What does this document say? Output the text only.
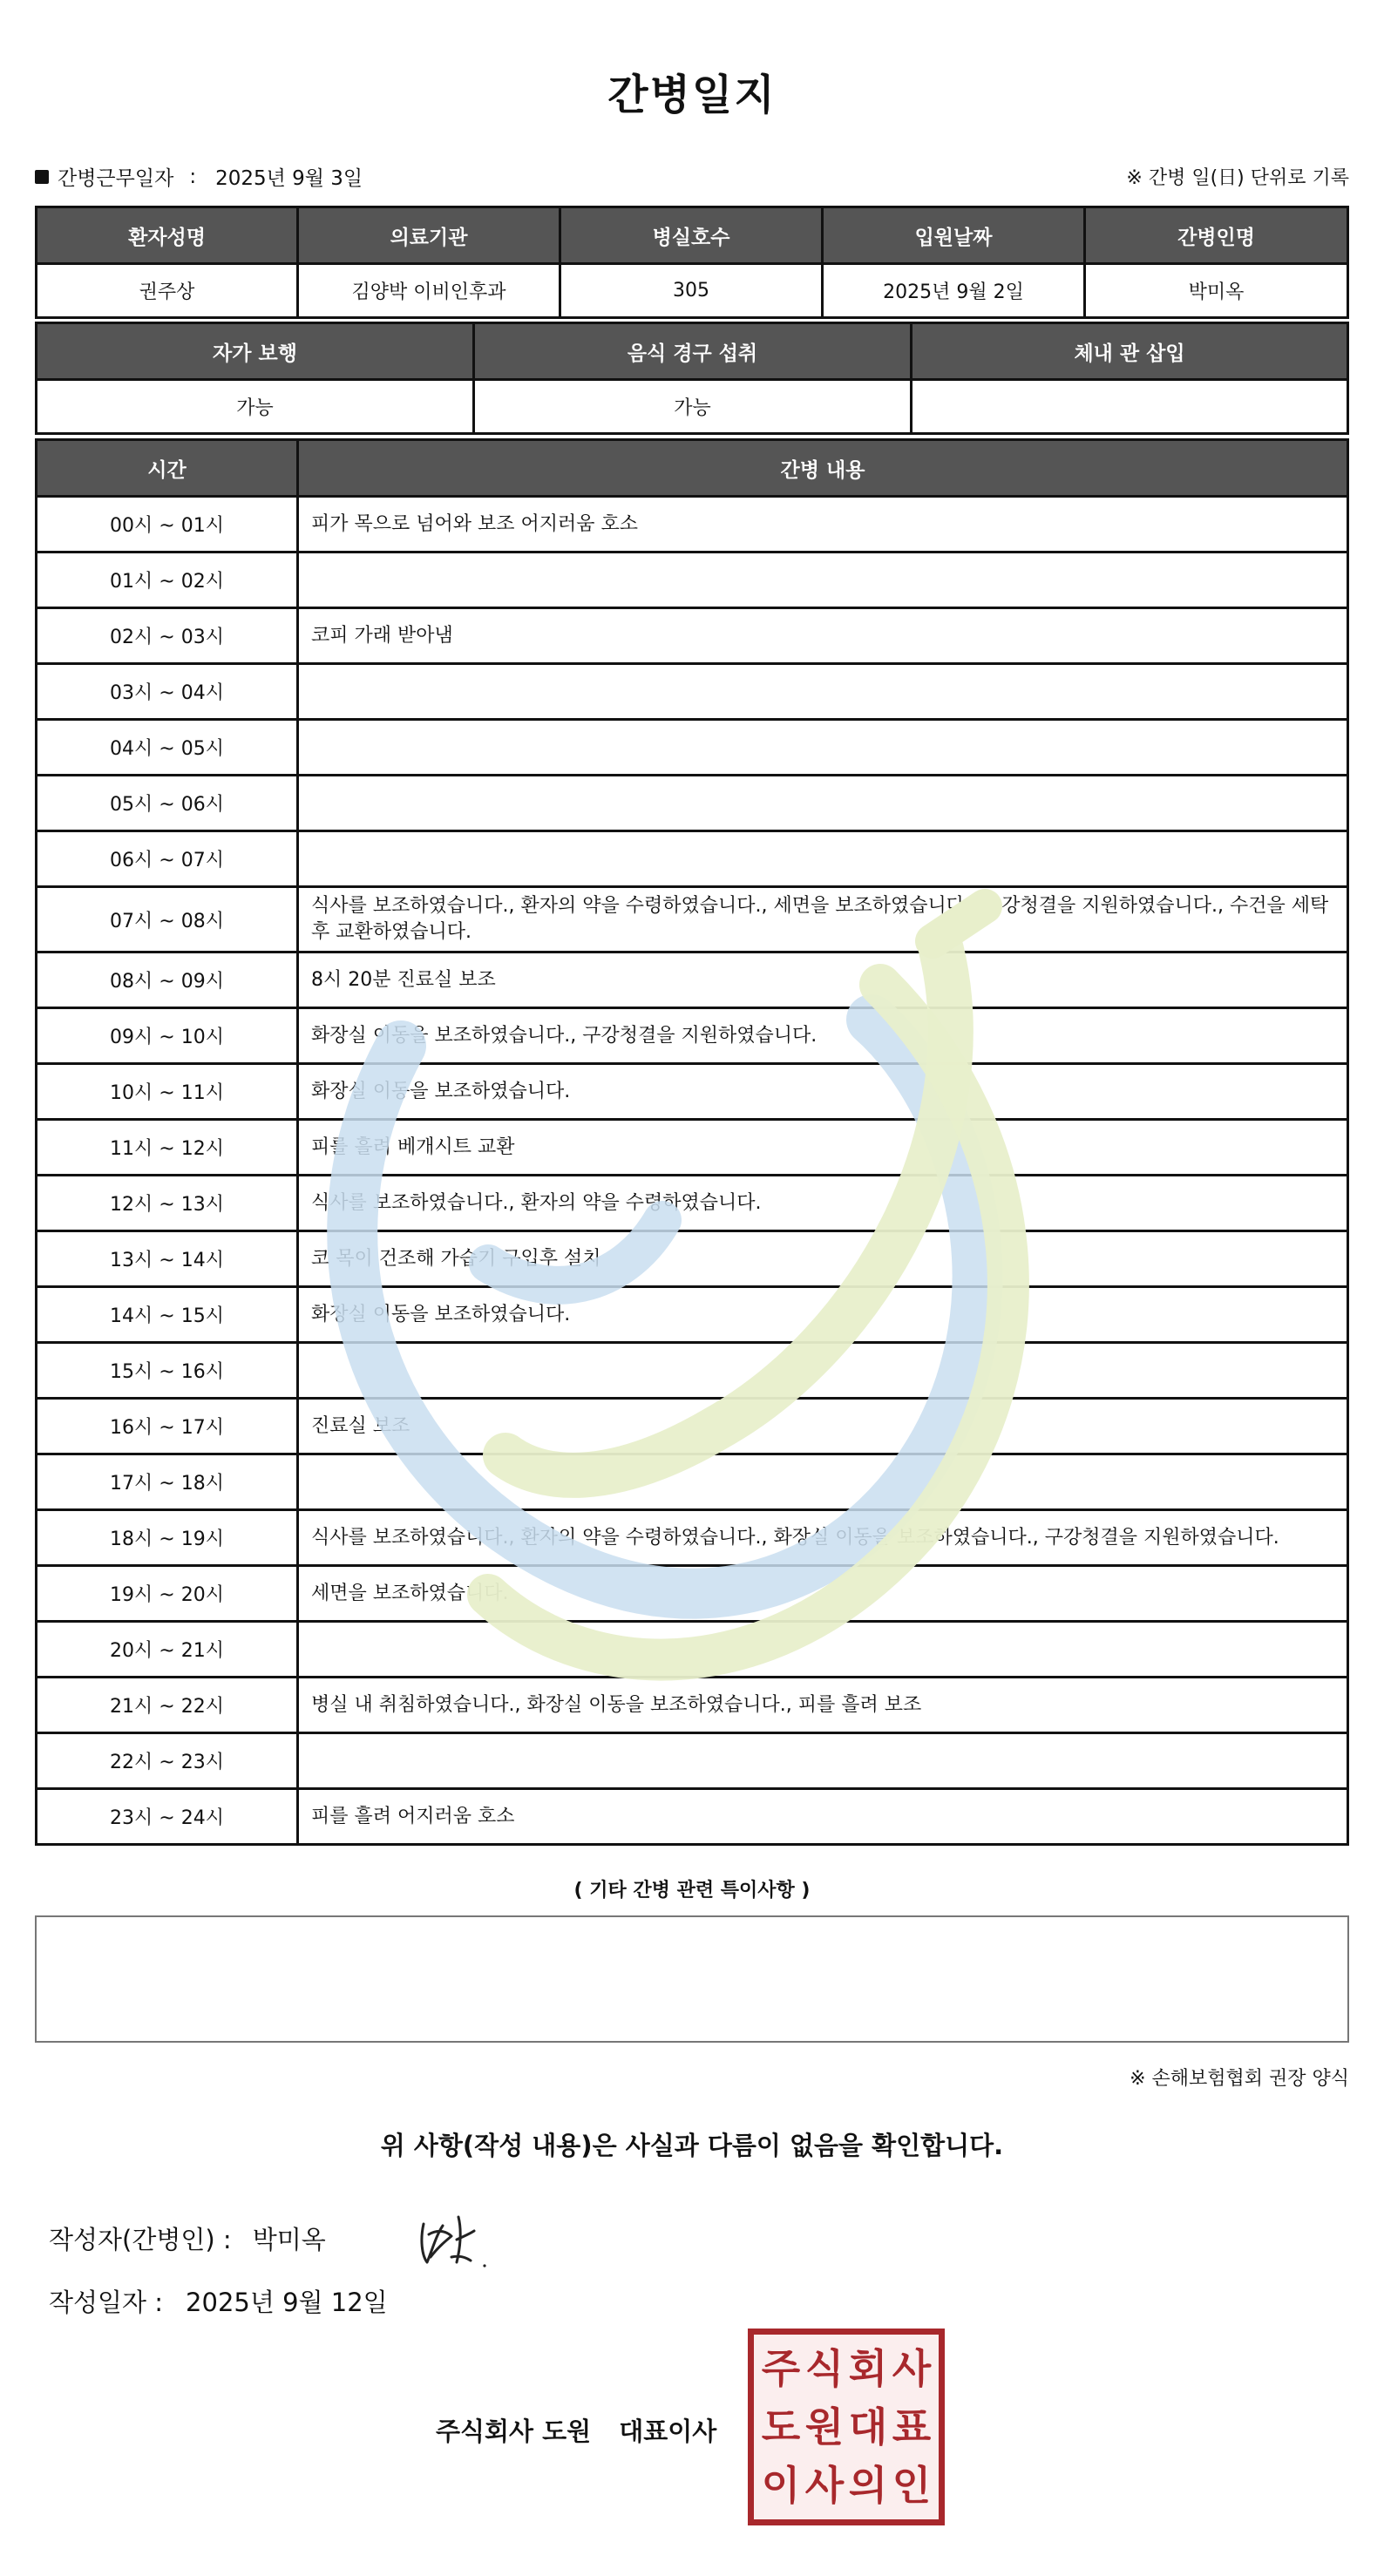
간병일지
간병근무일자 : 2025년 9월 3일	※ 간병 일(日) 단위로 기록
환자성명	의료기관	병실호수	입원날짜	간병인명
권주상	김양박 이비인후과	305	2025년 9월 2일	박미옥
자가 보행	음식 경구 섭취	체내 관 삽입
가능	가능	
시간	간병 내용
00시 ~ 01시	피가 목으로 넘어와 보조 어지러움 호소
01시 ~ 02시	
02시 ~ 03시	코피 가래 받아냄
03시 ~ 04시	
04시 ~ 05시	
05시 ~ 06시	
06시 ~ 07시	
07시 ~ 08시	식사를 보조하였습니다., 환자의 약을 수령하였습니다., 세면을 보조하였습니다., 구강청결을 지원하였습니다., 수건을 세탁 후 교환하였습니다.
08시 ~ 09시	8시 20분 진료실 보조
09시 ~ 10시	화장실 이동을 보조하였습니다., 구강청결을 지원하였습니다.
10시 ~ 11시	화장실 이동을 보조하였습니다.
11시 ~ 12시	피를 흘려 베개시트 교환
12시 ~ 13시	식사를 보조하였습니다., 환자의 약을 수령하였습니다.
13시 ~ 14시	코 목이 건조해 가습기 구입후 설치
14시 ~ 15시	화장실 이동을 보조하였습니다.
15시 ~ 16시	
16시 ~ 17시	진료실 보조
17시 ~ 18시	
18시 ~ 19시	식사를 보조하였습니다., 환자의 약을 수령하였습니다., 화장실 이동을 보조하였습니다., 구강청결을 지원하였습니다.
19시 ~ 20시	세면을 보조하였습니다.
20시 ~ 21시	
21시 ~ 22시	병실 내 취침하였습니다., 화장실 이동을 보조하였습니다., 피를 흘려 보조
22시 ~ 23시	
23시 ~ 24시	피를 흘려 어지러움 호소
( 기타 간병 관련 특이사항 )
※ 손해보험협회 권장 양식
위 사항(작성 내용)은 사실과 다름이 없음을 확인합니다.
작성자(간병인) : 박미옥
작성일자 : 2025년 9월 12일
주식회사 도원 대표이사
주 식 회 사
도 원 대 표
이 사 의 인
